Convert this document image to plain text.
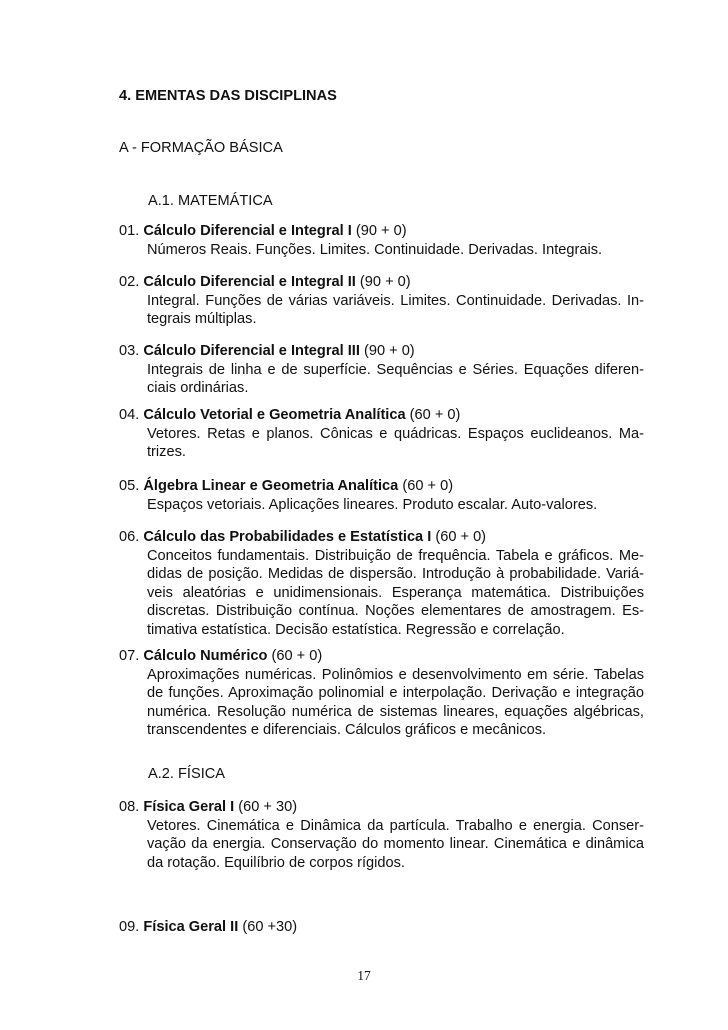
4. EMENTAS DAS DISCIPLINAS
A - FORMAÇÃO BÁSICA
A.1. MATEMÁTICA
01. Cálculo Diferencial e Integral I (90 + 0)
Números Reais. Funções. Limites. Continuidade. Derivadas. Integrais.
02. Cálculo Diferencial e Integral II (90 + 0)
Integral. Funções de várias variáveis. Limites. Continuidade. Derivadas. In-tegrais múltiplas.
03. Cálculo Diferencial e Integral III (90 + 0)
Integrais de linha e de superfície. Sequências e Séries. Equações diferen-ciais ordinárias.
04. Cálculo Vetorial e Geometria Analítica (60 + 0)
Vetores. Retas e planos. Cônicas e quádricas. Espaços euclideanos. Ma-trizes.
05. Álgebra Linear e Geometria Analítica (60 + 0)
Espaços vetoriais. Aplicações lineares. Produto escalar. Auto-valores.
06. Cálculo das Probabilidades e Estatística I (60 + 0)
Conceitos fundamentais. Distribuição de frequência. Tabela e gráficos. Me-didas de posição. Medidas de dispersão. Introdução à probabilidade. Variá-veis aleatórias e unidimensionais. Esperança matemática. Distribuições discretas. Distribuição contínua. Noções elementares de amostragem. Es-timativa estatística. Decisão estatística. Regressão e correlação.
07. Cálculo Numérico (60 + 0)
Aproximações numéricas. Polinômios e desenvolvimento em série. Tabelas de funções. Aproximação polinomial e interpolação. Derivação e integração numérica. Resolução numérica de sistemas lineares, equações algébricas, transcendentes e diferenciais. Cálculos gráficos e mecânicos.
A.2. FÍSICA
08. Física Geral I (60 + 30)
Vetores. Cinemática e Dinâmica da partícula. Trabalho e energia. Conser-vação da energia. Conservação do momento linear. Cinemática e dinâmica da rotação. Equilíbrio de corpos rígidos.
09. Física Geral II (60 +30)
17
